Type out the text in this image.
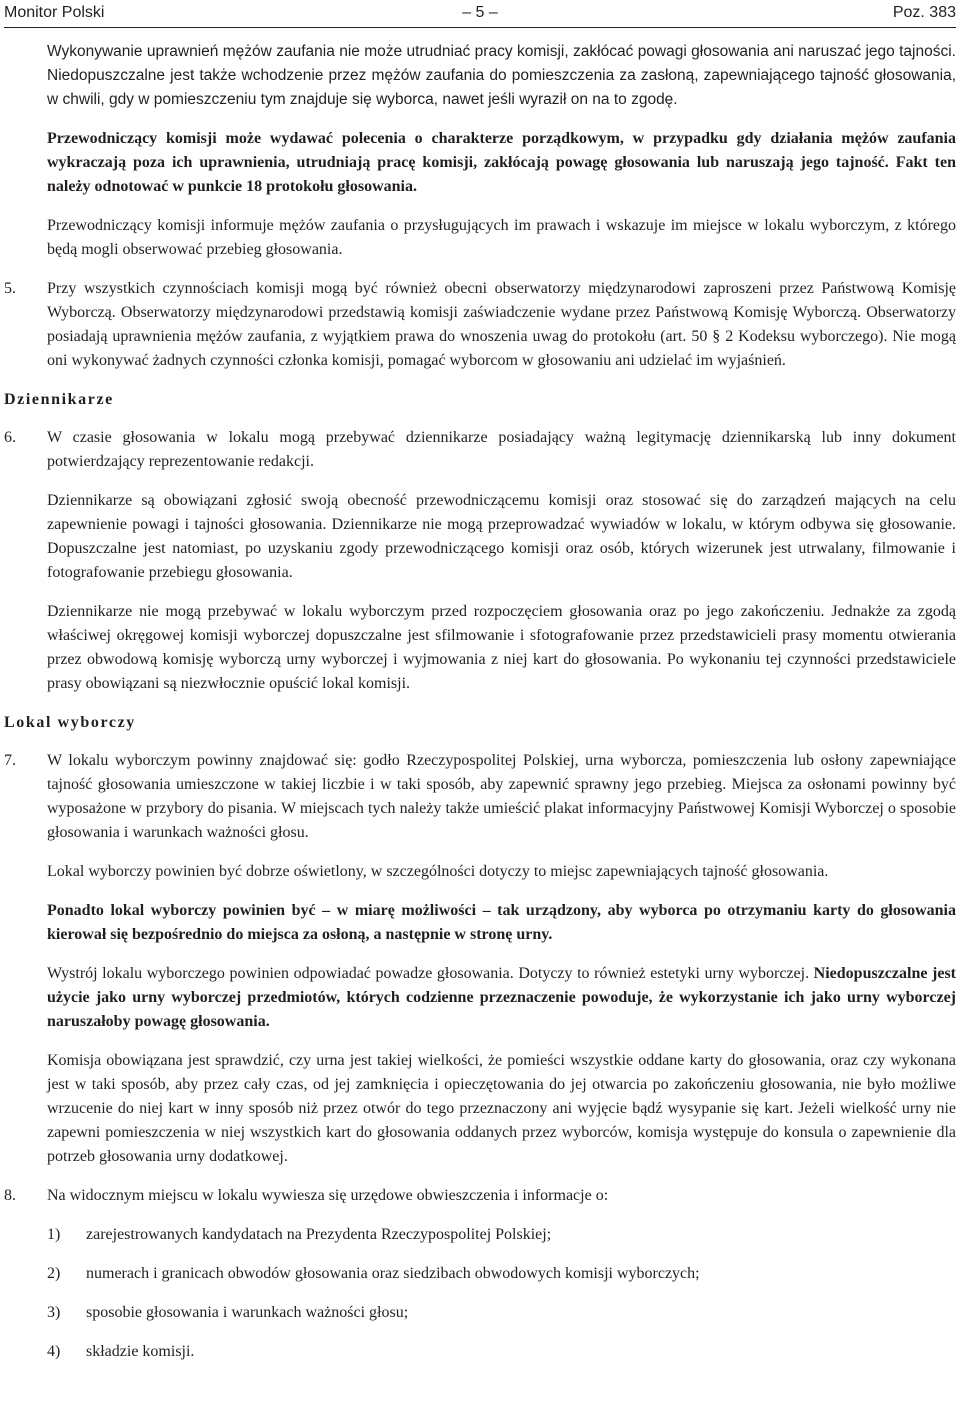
Monitor Polski	– 5 –	Poz. 383

Wykonywanie uprawnień mężów zaufania nie może utrudniać pracy komisji, zakłócać powagi głosowania ani naruszać jego tajności. Niedopuszczalne jest także wchodzenie przez mężów zaufania do pomieszczenia za zasłoną, zapewniającego tajność głosowania, w chwili, gdy w pomieszczeniu tym znajduje się wyborca, nawet jeśli wyraził on na to zgodę.

Przewodniczący komisji może wydawać polecenia o charakterze porządkowym, w przypadku gdy działania mężów zaufania wykraczają poza ich uprawnienia, utrudniają pracę komisji, zakłócają powagę głosowania lub naruszają jego tajność. Fakt ten należy odnotować w punkcie 18 protokołu głosowania.

Przewodniczący komisji informuje mężów zaufania o przysługujących im prawach i wskazuje im miejsce w lokalu wyborczym, z którego będą mogli obserwować przebieg głosowania.

5. Przy wszystkich czynnościach komisji mogą być również obecni obserwatorzy międzynarodowi zaproszeni przez Państwową Komisję Wyborczą. Obserwatorzy międzynarodowi przedstawią komisji zaświadczenie wydane przez Państwową Komisję Wyborczą. Obserwatorzy posiadają uprawnienia mężów zaufania, z wyjątkiem prawa do wnoszenia uwag do protokołu (art. 50 § 2 Kodeksu wyborczego). Nie mogą oni wykonywać żadnych czynności członka komisji, pomagać wyborcom w głosowaniu ani udzielać im wyjaśnień.
Dziennikarze
6. W czasie głosowania w lokalu mogą przebywać dziennikarze posiadający ważną legitymację dziennikarską lub inny dokument potwierdzający reprezentowanie redakcji.

Dziennikarze są obowiązani zgłosić swoją obecność przewodniczącemu komisji oraz stosować się do zarządzeń mających na celu zapewnienie powagi i tajności głosowania. Dziennikarze nie mogą przeprowadzać wywiadów w lokalu, w którym odbywa się głosowanie. Dopuszczalne jest natomiast, po uzyskaniu zgody przewodniczącego komisji oraz osób, których wizerunek jest utrwalany, filmowanie i fotografowanie przebiegu głosowania.

Dziennikarze nie mogą przebywać w lokalu wyborczym przed rozpoczęciem głosowania oraz po jego zakończeniu. Jednakże za zgodą właściwej okręgowej komisji wyborczej dopuszczalne jest sfilmowanie i sfotografowanie przez przedstawicieli prasy momentu otwierania przez obwodową komisję wyborczą urny wyborczej i wyjmowania z niej kart do głosowania. Po wykonaniu tej czynności przedstawiciele prasy obowiązani są niezwłocznie opuścić lokal komisji.

Lokal wyborczy
7. W lokalu wyborczym powinny znajdować się: godło Rzeczypospolitej Polskiej, urna wyborcza, pomieszczenia lub osłony zapewniające tajność głosowania umieszczone w takiej liczbie i w taki sposób, aby zapewnić sprawny jego przebieg. Miejsca za osłonami powinny być wyposażone w przybory do pisania. W miejscach tych należy także umieścić plakat informacyjny Państwowej Komisji Wyborczej o sposobie głosowania i warunkach ważności głosu.

Lokal wyborczy powinien być dobrze oświetlony, w szczególności dotyczy to miejsc zapewniających tajność głosowania.

Ponadto lokal wyborczy powinien być – w miarę możliwości – tak urządzony, aby wyborca po otrzymaniu karty do głosowania kierował się bezpośrednio do miejsca za osłoną, a następnie w stronę urny.

Wystrój lokalu wyborczego powinien odpowiadać powadze głosowania. Dotyczy to również estetyki urny wyborczej. Niedopuszczalne jest użycie jako urny wyborczej przedmiotów, których codzienne przeznaczenie powoduje, że wykorzystanie ich jako urny wyborczej naruszałoby powagę głosowania.

Komisja obowiązana jest sprawdzić, czy urna jest takiej wielkości, że pomieści wszystkie oddane karty do głosowania, oraz czy wykonana jest w taki sposób, aby przez cały czas, od jej zamknięcia i opieczętowania do jej otwarcia po zakończeniu głosowania, nie było możliwe wrzucenie do niej kart w inny sposób niż przez otwór do tego przeznaczony ani wyjęcie bądź wysypanie się kart. Jeżeli wielkość urny nie zapewni pomieszczenia w niej wszystkich kart do głosowania oddanych przez wyborców, komisja występuje do konsula o zapewnienie dla potrzeb głosowania urny dodatkowej.

8. Na widocznym miejscu w lokalu wywiesza się urzędowe obwieszczenia i informacje o:
1) zarejestrowanych kandydatach na Prezydenta Rzeczypospolitej Polskiej;
2) numerach i granicach obwodów głosowania oraz siedzibach obwodowych komisji wyborczych;
3) sposobie głosowania i warunkach ważności głosu;
4) składzie komisji.
